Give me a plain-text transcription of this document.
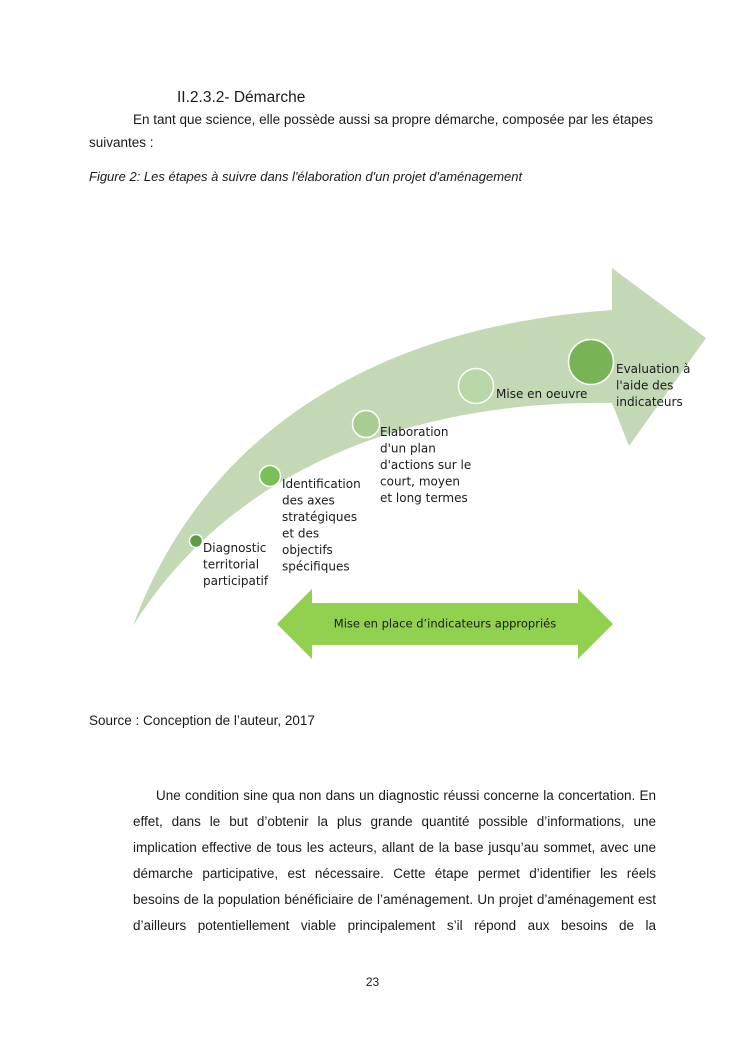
II.2.3.2- Démarche
En tant que science, elle possède aussi sa propre démarche, composée par les étapes
suivantes :
Figure 2: Les étapes à suivre dans l'élaboration d'un projet d'aménagement
Diagnostic territorial participatif
Identification des axes stratégiques et des objectifs spécifiques
Elaboration d'un plan d'actions sur le court, moyen et long termes
Mise en oeuvre
Evaluation à l'aide des indicateurs
Mise en place d’indicateurs appropriés
Source : Conception de l’auteur, 2017
Une condition sine qua non dans un diagnostic réussi concerne la concertation. En
effet, dans le but d’obtenir la plus grande quantité possible d’informations, une
implication effective de tous les acteurs, allant de la base jusqu’au sommet, avec une
démarche participative, est nécessaire. Cette étape permet d’identifier les réels
besoins de la population bénéficiaire de l’aménagement. Un projet d’aménagement est
d’ailleurs potentiellement viable principalement s’il répond aux besoins de la
23
